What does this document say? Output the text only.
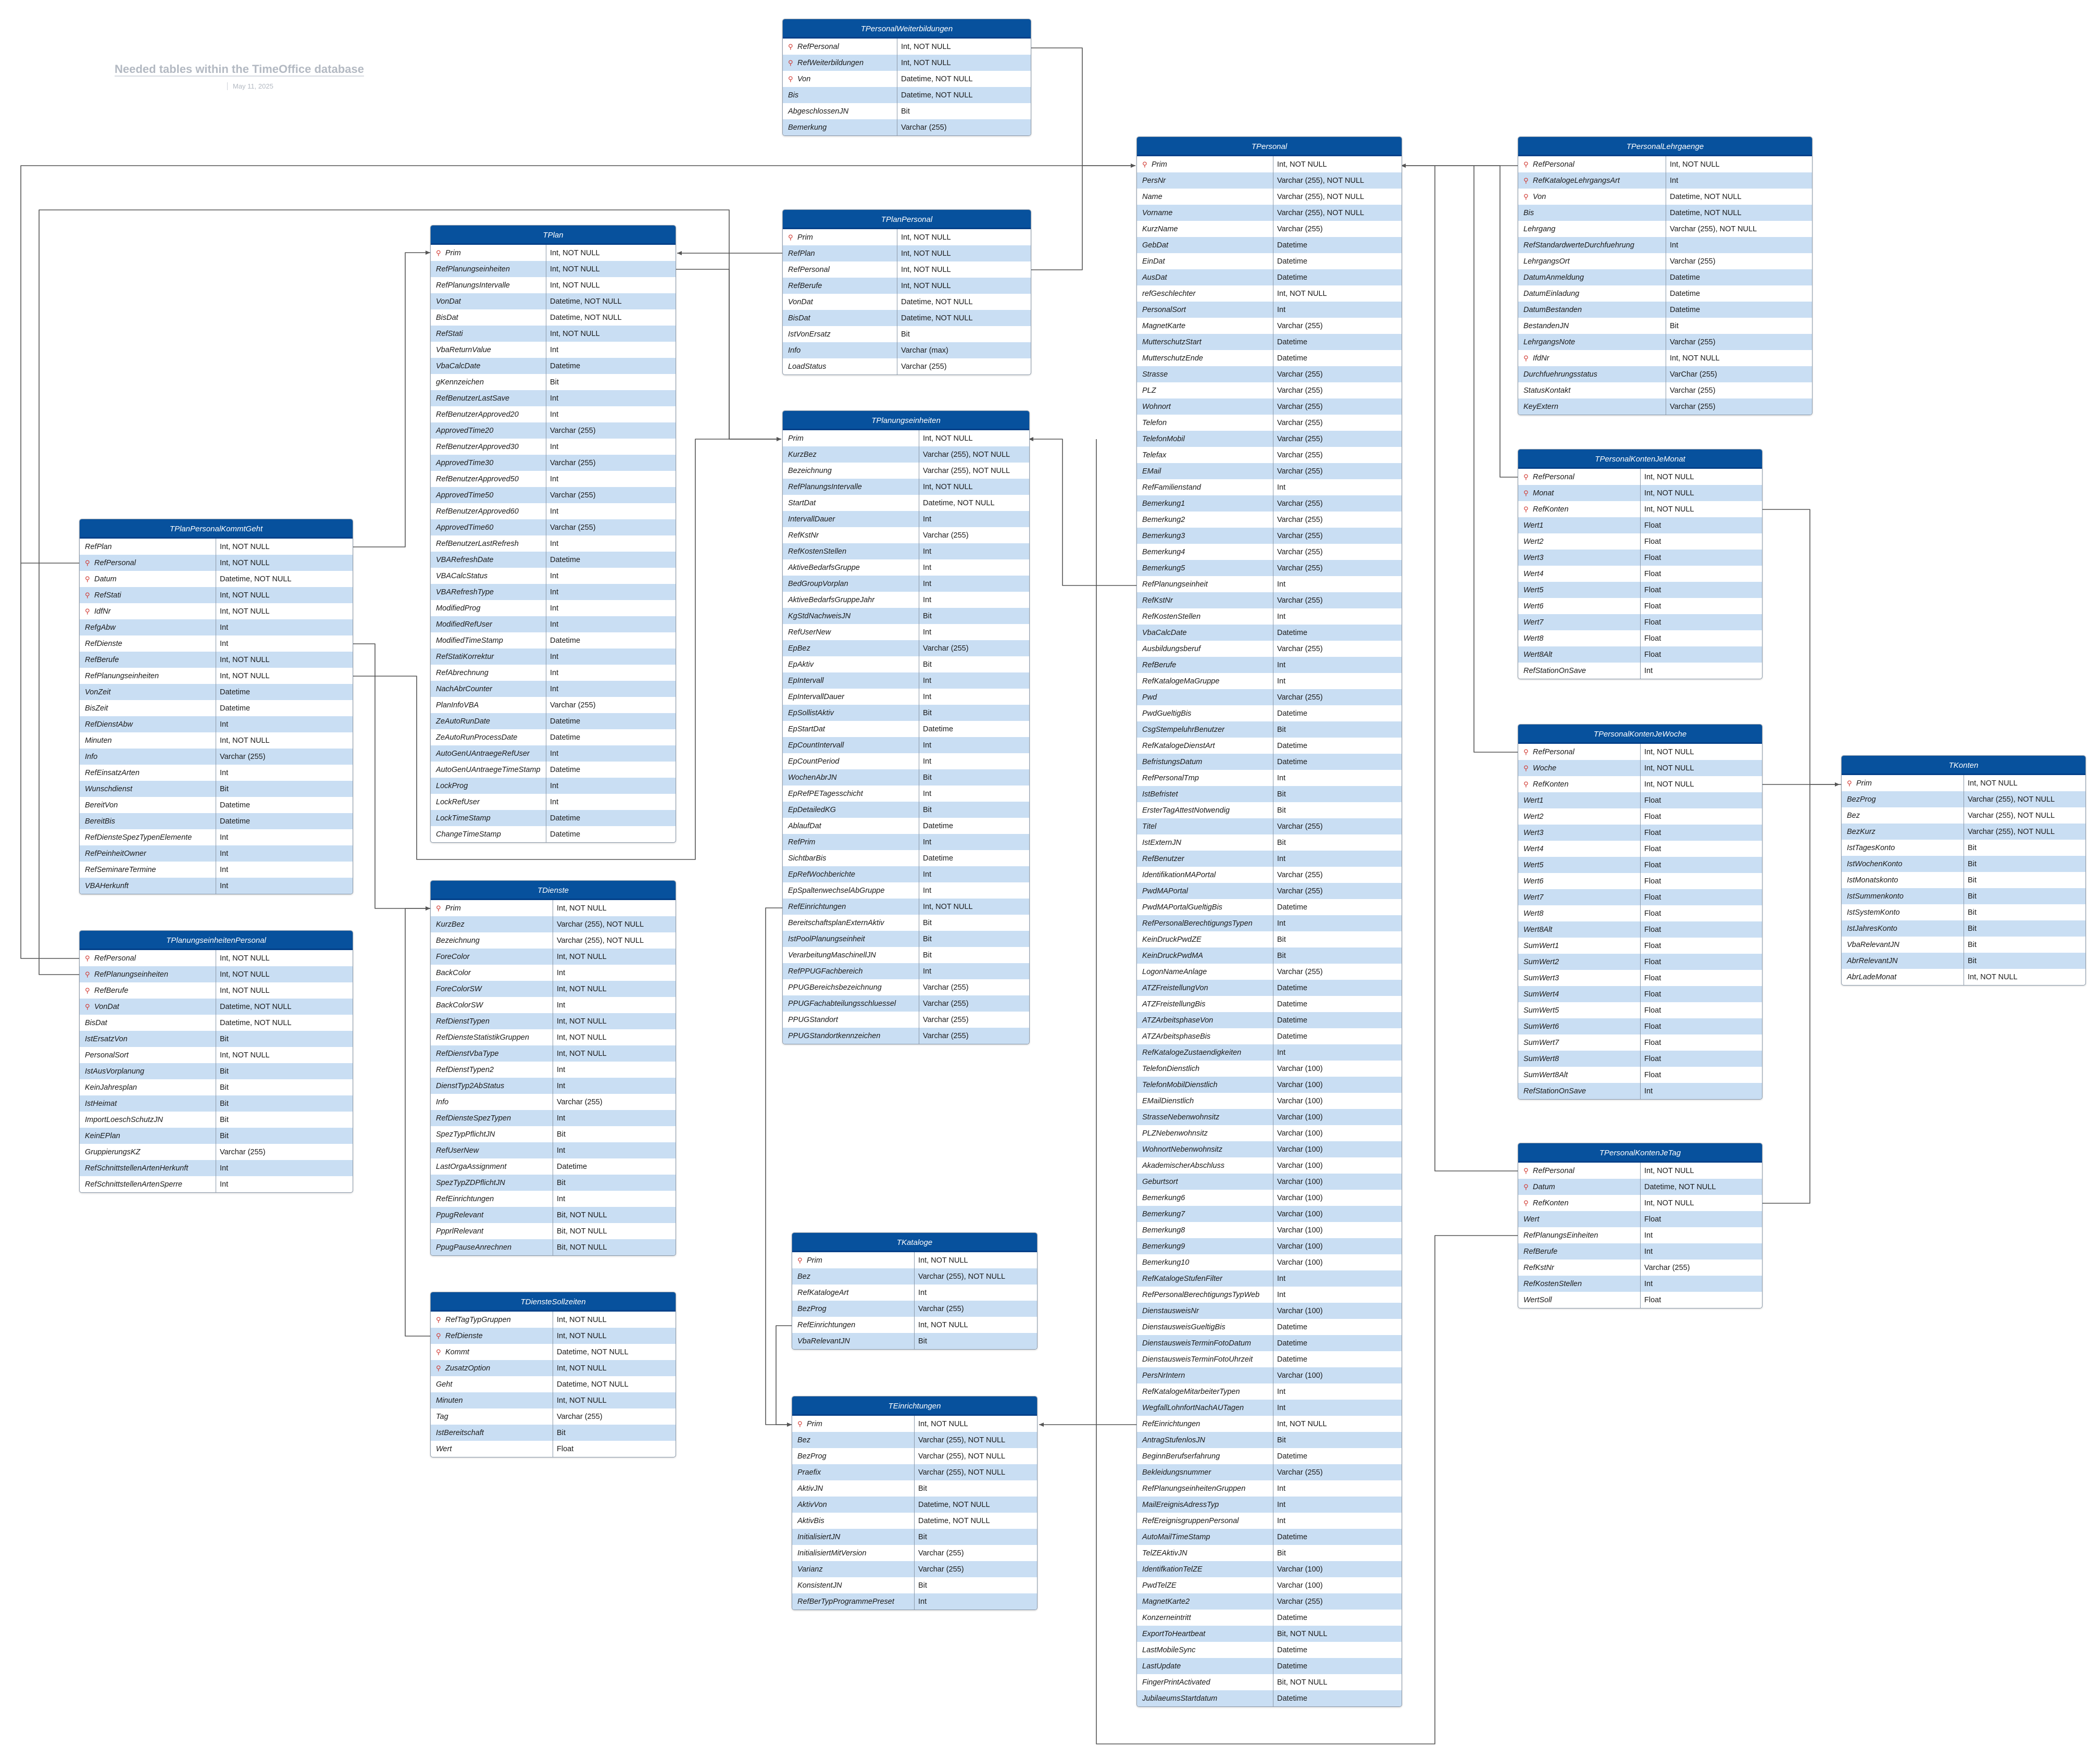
Needed tables within the TimeOffice database
May 11, 2025
TPersonalWeiterbildungen
⚲ RefPersonal	Int, NOT NULL
⚲ RefWeiterbildungen	Int, NOT NULL
⚲ Von	Datetime, NOT NULL
Bis	Datetime, NOT NULL
AbgeschlossenJN	Bit
Bemerkung	Varchar (255)
TPersonal
⚲ Prim	Int, NOT NULL
PersNr	Varchar (255), NOT NULL
Name	Varchar (255), NOT NULL
Vorname	Varchar (255), NOT NULL
KurzName	Varchar (255)
GebDat	Datetime
EinDat	Datetime
AusDat	Datetime
refGeschlechter	Int, NOT NULL
PersonalSort	Int
MagnetKarte	Varchar (255)
MutterschutzStart	Datetime
MutterschutzEnde	Datetime
Strasse	Varchar (255)
PLZ	Varchar (255)
Wohnort	Varchar (255)
Telefon	Varchar (255)
TelefonMobil	Varchar (255)
Telefax	Varchar (255)
EMail	Varchar (255)
RefFamilienstand	Int
Bemerkung1	Varchar (255)
Bemerkung2	Varchar (255)
Bemerkung3	Varchar (255)
Bemerkung4	Varchar (255)
Bemerkung5	Varchar (255)
RefPlanungseinheit	Int
RefKstNr	Varchar (255)
RefKostenStellen	Int
VbaCalcDate	Datetime
Ausbildungsberuf	Varchar (255)
RefBerufe	Int
RefKatalogeMaGruppe	Int
Pwd	Varchar (255)
PwdGueltigBis	Datetime
CsgStempeluhrBenutzer	Bit
RefKatalogeDienstArt	Datetime
BefristungsDatum	Datetime
RefPersonalTmp	Int
IstBefristet	Bit
ErsterTagAttestNotwendig	Bit
Titel	Varchar (255)
IstExternJN	Bit
RefBenutzer	Int
IdentifikationMAPortal	Varchar (255)
PwdMAPortal	Varchar (255)
PwdMAPortalGueltigBis	Datetime
RefPersonalBerechtigungsTypen	Int
KeinDruckPwdZE	Bit
KeinDruckPwdMA	Bit
LogonNameAnlage	Varchar (255)
ATZFreistellungVon	Datetime
ATZFreistellungBis	Datetime
ATZArbeitsphaseVon	Datetime
ATZArbeitsphaseBis	Datetime
RefKatalogeZustaendigkeiten	Int
TelefonDienstlich	Varchar (100)
TelefonMobilDienstlich	Varchar (100)
EMailDienstlich	Varchar (100)
StrasseNebenwohnsitz	Varchar (100)
PLZNebenwohnsitz	Varchar (100)
WohnortNebenwohnsitz	Varchar (100)
AkademischerAbschluss	Varchar (100)
Geburtsort	Varchar (100)
Bemerkung6	Varchar (100)
Bemerkung7	Varchar (100)
Bemerkung8	Varchar (100)
Bemerkung9	Varchar (100)
Bemerkung10	Varchar (100)
RefKatalogeStufenFilter	Int
RefPersonalBerechtigungsTypWeb	Int
DienstausweisNr	Varchar (100)
DienstausweisGueltigBis	Datetime
DienstausweisTerminFotoDatum	Datetime
DienstausweisTerminFotoUhrzeit	Datetime
PersNrIntern	Varchar (100)
RefKatalogeMitarbeiterTypen	Int
WegfallLohnfortNachAUTagen	Int
RefEinrichtungen	Int, NOT NULL
AntragStufenlosJN	Bit
BeginnBerufserfahrung	Datetime
Bekleidungsnummer	Varchar (255)
RefPlanungseinheitenGruppen	Int
MailEreignisAdressTyp	Int
RefEreignisgruppenPersonal	Int
AutoMailTimeStamp	Datetime
TelZEAktivJN	Bit
IdentifkationTelZE	Varchar (100)
PwdTelZE	Varchar (100)
MagnetKarte2	Varchar (255)
Konzerneintritt	Datetime
ExportToHeartbeat	Bit, NOT NULL
LastMobileSync	Datetime
LastUpdate	Datetime
FingerPrintActivated	Bit, NOT NULL
JubilaeumsStartdatum	Datetime
TPersonalLehrgaenge
⚲ RefPersonal	Int, NOT NULL
⚲ RefKatalogeLehrgangsArt	Int
⚲ Von	Datetime, NOT NULL
Bis	Datetime, NOT NULL
Lehrgang	Varchar (255), NOT NULL
RefStandardwerteDurchfuehrung	Int
LehrgangsOrt	Varchar (255)
DatumAnmeldung	Datetime
DatumEinladung	Datetime
DatumBestanden	Datetime
BestandenJN	Bit
LehrgangsNote	Varchar (255)
⚲ IfdNr	Int, NOT NULL
Durchfuehrungsstatus	VarChar (255)
StatusKontakt	Varchar (255)
KeyExtern	Varchar (255)
TPlanPersonal
⚲ Prim	Int, NOT NULL
RefPlan	Int, NOT NULL
RefPersonal	Int, NOT NULL
RefBerufe	Int, NOT NULL
VonDat	Datetime, NOT NULL
BisDat	Datetime, NOT NULL
IstVonErsatz	Bit
Info	Varchar (max)
LoadStatus	Varchar (255)
TPlan
⚲ Prim	Int, NOT NULL
RefPlanungseinheiten	Int, NOT NULL
RefPlanungsIntervalle	Int, NOT NULL
VonDat	Datetime, NOT NULL
BisDat	Datetime, NOT NULL
RefStati	Int, NOT NULL
VbaReturnValue	Int
VbaCalcDate	Datetime
gKennzeichen	Bit
RefBenutzerLastSave	Int
RefBenutzerApproved20	Int
ApprovedTime20	Varchar (255)
RefBenutzerApproved30	Int
ApprovedTime30	Varchar (255)
RefBenutzerApproved50	Int
ApprovedTime50	Varchar (255)
RefBenutzerApproved60	Int
ApprovedTime60	Varchar (255)
RefBenutzerLastRefresh	Int
VBARefreshDate	Datetime
VBACalcStatus	Int
VBARefreshType	Int
ModifiedProg	Int
ModifiedRefUser	Int
ModifiedTimeStamp	Datetime
RefStatiKorrektur	Int
RefAbrechnung	Int
NachAbrCounter	Int
PlanInfoVBA	Varchar (255)
ZeAutoRunDate	Datetime
ZeAutoRunProcessDate	Datetime
AutoGenUAntraegeRefUser	Int
AutoGenUAntraegeTimeStamp	Datetime
LockProg	Int
LockRefUser	Int
LockTimeStamp	Datetime
ChangeTimeStamp	Datetime
TPlanungseinheiten
Prim	Int, NOT NULL
KurzBez	Varchar (255), NOT NULL
Bezeichnung	Varchar (255), NOT NULL
RefPlanungsIntervalle	Int, NOT NULL
StartDat	Datetime, NOT NULL
IntervallDauer	Int
RefKstNr	Varchar (255)
RefKostenStellen	Int
AktiveBedarfsGruppe	Int
BedGroupVorplan	Int
AktiveBedarfsGruppeJahr	Int
KgStdNachweisJN	Bit
RefUserNew	Int
EpBez	Varchar (255)
EpAktiv	Bit
EpIntervall	Int
EpIntervallDauer	Int
EpSollistAktiv	Bit
EpStartDat	Datetime
EpCountIntervall	Int
EpCountPeriod	Int
WochenAbrJN	Bit
EpRefPETagesschicht	Int
EpDetailedKG	Bit
AblaufDat	Datetime
RefPrim	Int
SichtbarBis	Datetime
EpRefWochberichte	Int
EpSpaltenwechselAbGruppe	Int
RefEinrichtungen	Int, NOT NULL
BereitschaftsplanExternAktiv	Bit
IstPoolPlanungseinheit	Bit
VerarbeitungMaschinellJN	Bit
RefPPUGFachbereich	Int
PPUGBereichsbezeichnung	Varchar (255)
PPUGFachabteilungsschluessel	Varchar (255)
PPUGStandort	Varchar (255)
PPUGStandortkennzeichen	Varchar (255)
TPlanPersonalKommtGeht
RefPlan	Int, NOT NULL
⚲ RefPersonal	Int, NOT NULL
⚲ Datum	Datetime, NOT NULL
⚲ RefStati	Int, NOT NULL
⚲ IdfNr	Int, NOT NULL
RefgAbw	Int
RefDienste	Int
RefBerufe	Int, NOT NULL
RefPlanungseinheiten	Int, NOT NULL
VonZeit	Datetime
BisZeit	Datetime
RefDienstAbw	Int
Minuten	Int, NOT NULL
Info	Varchar (255)
RefEinsatzArten	Int
Wunschdienst	Bit
BereitVon	Datetime
BereitBis	Datetime
RefDiensteSpezTypenElemente	Int
RefPeinheitOwner	Int
RefSeminareTermine	Int
VBAHerkunft	Int
TPlanungseinheitenPersonal
⚲ RefPersonal	Int, NOT NULL
⚲ RefPlanungseinheiten	Int, NOT NULL
⚲ RefBerufe	Int, NOT NULL
⚲ VonDat	Datetime, NOT NULL
BisDat	Datetime, NOT NULL
IstErsatzVon	Bit
PersonalSort	Int, NOT NULL
IstAusVorplanung	Bit
KeinJahresplan	Bit
IstHeimat	Bit
ImportLoeschSchutzJN	Bit
KeinEPlan	Bit
GruppierungsKZ	Varchar (255)
RefSchnittstellenArtenHerkunft	Int
RefSchnittstellenArtenSperre	Int
TDienste
⚲ Prim	Int, NOT NULL
KurzBez	Varchar (255), NOT NULL
Bezeichnung	Varchar (255), NOT NULL
ForeColor	Int, NOT NULL
BackColor	Int
ForeColorSW	Int, NOT NULL
BackColorSW	Int
RefDienstTypen	Int, NOT NULL
RefDiensteStatistikGruppen	Int, NOT NULL
RefDienstVbaType	Int, NOT NULL
RefDienstTypen2	Int
DienstTyp2AbStatus	Int
Info	Varchar (255)
RefDiensteSpezTypen	Int
SpezTypPflichtJN	Bit
RefUserNew	Int
LastOrgaAssignment	Datetime
SpezTypZDPflichtJN	Bit
RefEinrichtungen	Int
PpugRelevant	Bit, NOT NULL
PpprlRelevant	Bit, NOT NULL
PpugPauseAnrechnen	Bit, NOT NULL
TDiensteSollzeiten
⚲ RefTagTypGruppen	Int, NOT NULL
⚲ RefDienste	Int, NOT NULL
⚲ Kommt	Datetime, NOT NULL
⚲ ZusatzOption	Int, NOT NULL
Geht	Datetime, NOT NULL
Minuten	Int, NOT NULL
Tag	Varchar (255)
IstBereitschaft	Bit
Wert	Float
TKataloge
⚲ Prim	Int, NOT NULL
Bez	Varchar (255), NOT NULL
RefKatalogeArt	Int
BezProg	Varchar (255)
RefEinrichtungen	Int, NOT NULL
VbaRelevantJN	Bit
TEinrichtungen
⚲ Prim	Int, NOT NULL
Bez	Varchar (255), NOT NULL
BezProg	Varchar (255), NOT NULL
Praefix	Varchar (255), NOT NULL
AktivJN	Bit
AktivVon	Datetime, NOT NULL
AktivBis	Datetime, NOT NULL
InitialisiertJN	Bit
InitialisiertMitVersion	Varchar (255)
Varianz	Varchar (255)
KonsistentJN	Bit
RefBerTypProgrammePreset	Int
TPersonalKontenJeMonat
⚲ RefPersonal	Int, NOT NULL
⚲ Monat	Int, NOT NULL
⚲ RefKonten	Int, NOT NULL
Wert1	Float
Wert2	Float
Wert3	Float
Wert4	Float
Wert5	Float
Wert6	Float
Wert7	Float
Wert8	Float
Wert8Alt	Float
RefStationOnSave	Int
TPersonalKontenJeWoche
⚲ RefPersonal	Int, NOT NULL
⚲ Woche	Int, NOT NULL
⚲ RefKonten	Int, NOT NULL
Wert1	Float
Wert2	Float
Wert3	Float
Wert4	Float
Wert5	Float
Wert6	Float
Wert7	Float
Wert8	Float
Wert8Alt	Float
SumWert1	Float
SumWert2	Float
SumWert3	Float
SumWert4	Float
SumWert5	Float
SumWert6	Float
SumWert7	Float
SumWert8	Float
SumWert8Alt	Float
RefStationOnSave	Int
TPersonalKontenJeTag
⚲ RefPersonal	Int, NOT NULL
⚲ Datum	Datetime, NOT NULL
⚲ RefKonten	Int, NOT NULL
Wert	Float
RefPlanungsEinheiten	Int
RefBerufe	Int
RefKstNr	Varchar (255)
RefKostenStellen	Int
WertSoll	Float
TKonten
⚲ Prim	Int, NOT NULL
BezProg	Varchar (255), NOT NULL
Bez	Varchar (255), NOT NULL
BezKurz	Varchar (255), NOT NULL
IstTagesKonto	Bit
IstWochenKonto	Bit
IstMonatskonto	Bit
IstSummenkonto	Bit
IstSystemKonto	Bit
IstJahresKonto	Bit
VbaRelevantJN	Bit
AbrRelevantJN	Bit
AbrLadeMonat	Int, NOT NULL
